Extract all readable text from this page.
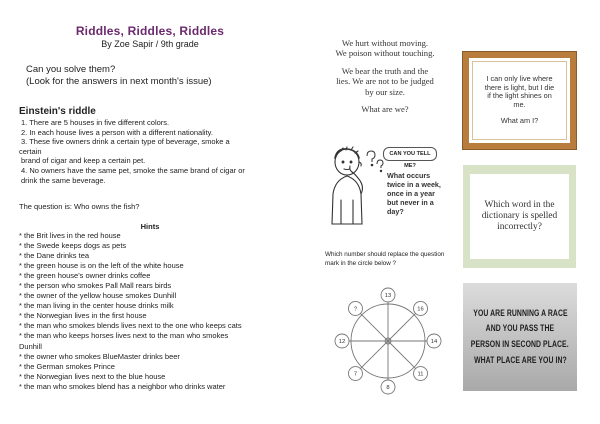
Riddles, Riddles, Riddles
By Zoe Sapir / 9th grade
Can you solve them?
(Look for the answers in next month's issue)
Einstein's riddle
1. There are 5 houses in five different colors.
2. In each house lives a person with a different nationality.
3. These five owners drink a certain type of beverage, smoke a
certain
brand of cigar and keep a certain pet.
4. No owners have the same pet, smoke the same brand of cigar or
drink the same beverage.
The question is: Who owns the fish?
Hints
* the Brit lives in the red house
* the Swede keeps dogs as pets
* the Dane drinks tea
* the green house is on the left of the white house
* the green house's owner drinks coffee
* the person who smokes Pall Mall rears birds
* the owner of the yellow house smokes Dunhill
* the man living in the center house drinks milk
* the Norwegian lives in the first house
* the man who smokes blends lives next to the one who keeps cats
* the man who keeps horses lives next to the man who smokes
Dunhill
* the owner who smokes BlueMaster drinks beer
* the German smokes Prince
* the Norwegian lives next to the blue house
* the man who smokes blend has a neighbor who drinks water
We hurt without moving.
We poison without touching.
We bear the truth and the
lies. We are not to be judged
by our size.
What are we?
I can only live where
there is light, but I die
if the light shines on
me.
What am I?
CAN YOU TELL ME?
What occurs
twice in a week,
once in a year
but never in a
day?
Which word in the dictionary is spelled incorrectly?
Which number should replace the question
mark in the circle below ?
13
16
14
11
8
7
12
?	YOU ARE RUNNING A RACE
AND YOU PASS THE
PERSON IN SECOND PLACE.
WHAT PLACE ARE YOU IN?
